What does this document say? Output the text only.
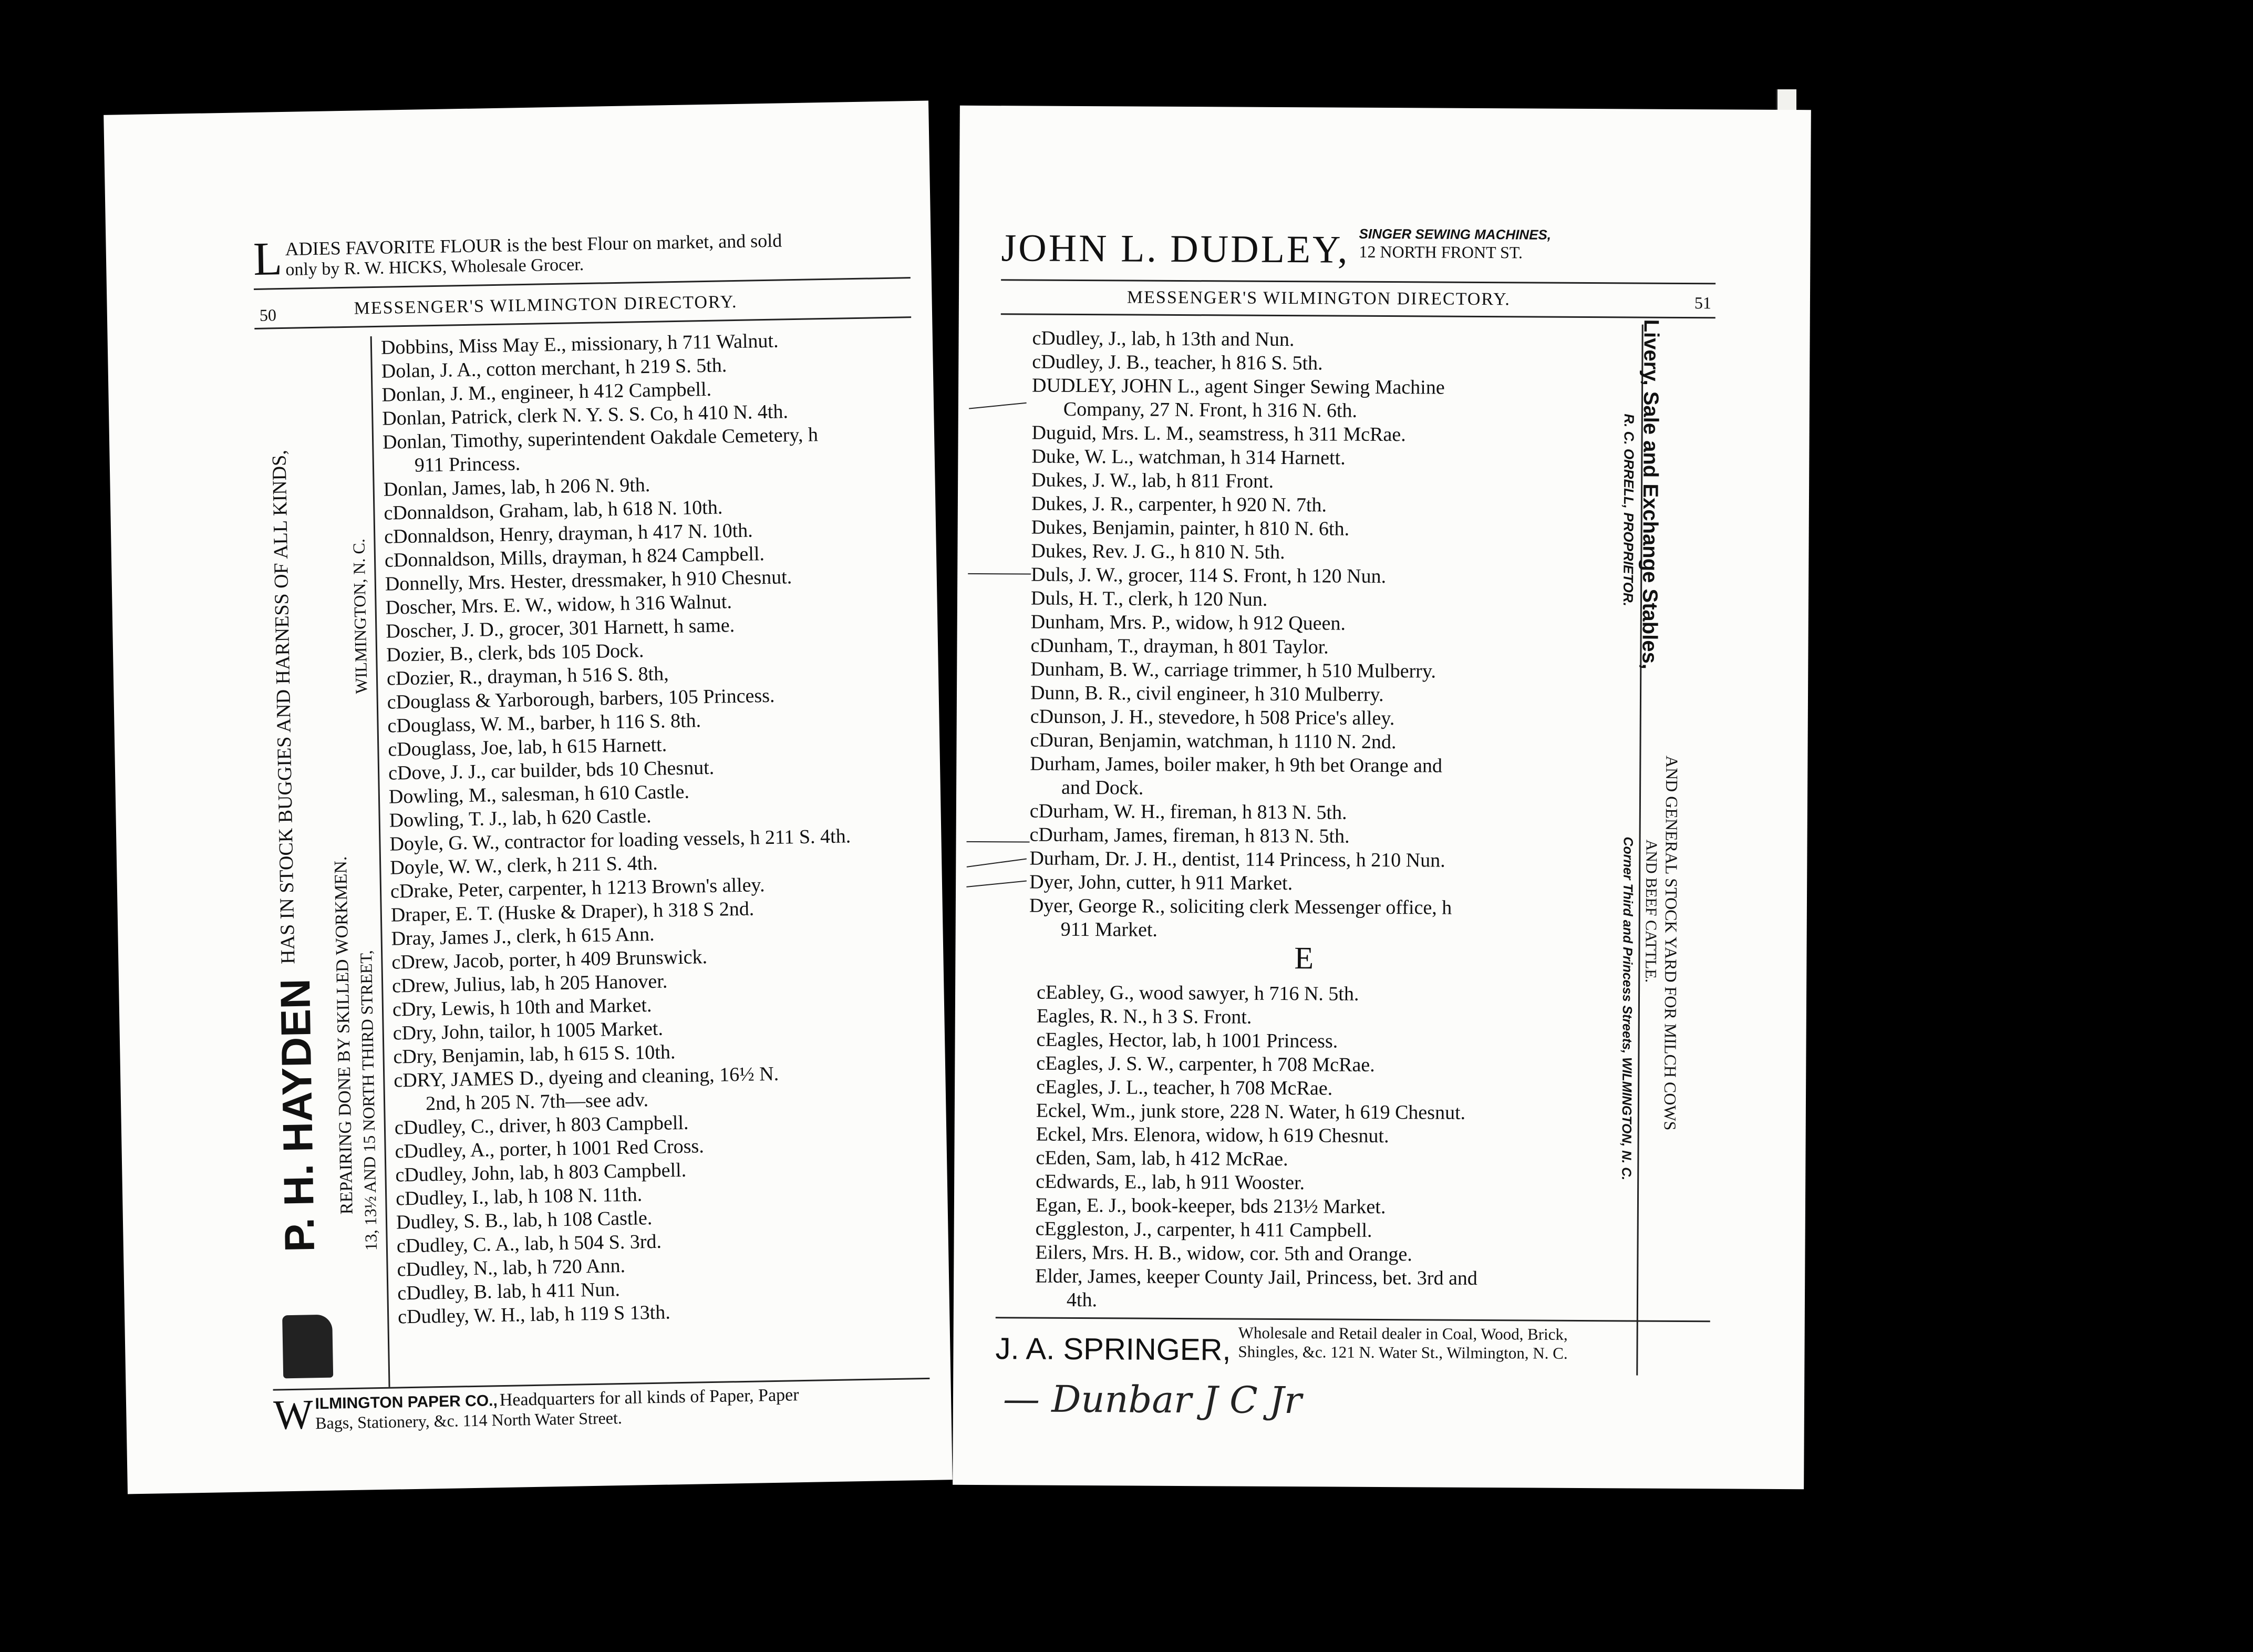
L ADIES FAVORITE FLOUR is the best Flour on market, and sold
only by R. W. HICKS, Wholesale Grocer.
50	MESSENGER'S WILMINGTON DIRECTORY.
P. H. HAYDEN HAS IN STOCK BUGGIES AND HARNESS OF ALL KINDS,
REPAIRING DONE BY SKILLED WORKMEN. 13, 13½ AND 15 NORTH THIRD STREET,
WILMINGTON, N. C.
Dobbins, Miss May E., missionary, h 711 Walnut.
Dolan, J. A., cotton merchant, h 219 S. 5th.
Donlan, J. M., engineer, h 412 Campbell.
Donlan, Patrick, clerk N. Y. S. S. Co, h 410 N. 4th.
Donlan, Timothy, superintendent Oakdale Cemetery, h
911 Princess.
Donlan, James, lab, h 206 N. 9th.
cDonnaldson, Graham, lab, h 618 N. 10th.
cDonnaldson, Henry, drayman, h 417 N. 10th.
cDonnaldson, Mills, drayman, h 824 Campbell.
Donnelly, Mrs. Hester, dressmaker, h 910 Chesnut.
Doscher, Mrs. E. W., widow, h 316 Walnut.
Doscher, J. D., grocer, 301 Harnett, h same.
Dozier, B., clerk, bds 105 Dock.
cDozier, R., drayman, h 516 S. 8th,
cDouglass & Yarborough, barbers, 105 Princess.
cDouglass, W. M., barber, h 116 S. 8th.
cDouglass, Joe, lab, h 615 Harnett.
cDove, J. J., car builder, bds 10 Chesnut.
Dowling, M., salesman, h 610 Castle.
Dowling, T. J., lab, h 620 Castle.
Doyle, G. W., contractor for loading vessels, h 211 S. 4th.
Doyle, W. W., clerk, h 211 S. 4th.
cDrake, Peter, carpenter, h 1213 Brown's alley.
Draper, E. T. (Huske & Draper), h 318 S 2nd.
Dray, James J., clerk, h 615 Ann.
cDrew, Jacob, porter, h 409 Brunswick.
cDrew, Julius, lab, h 205 Hanover.
cDry, Lewis, h 10th and Market.
cDry, John, tailor, h 1005 Market.
cDry, Benjamin, lab, h 615 S. 10th.
cDRY, JAMES D., dyeing and cleaning, 16½ N.
2nd, h 205 N. 7th—see adv.
cDudley, C., driver, h 803 Campbell.
cDudley, A., porter, h 1001 Red Cross.
cDudley, John, lab, h 803 Campbell.
cDudley, I., lab, h 108 N. 11th.
Dudley, S. B., lab, h 108 Castle.
cDudley, C. A., lab, h 504 S. 3rd.
cDudley, N., lab, h 720 Ann.
cDudley, B. lab, h 411 Nun.
cDudley, W. H., lab, h 119 S 13th.
W ILMINGTON PAPER CO., Headquarters for all kinds of Paper, Paper
Bags, Stationery, &c. 114 North Water Street.
JOHN L. DUDLEY, SINGER SEWING MACHINES,
12 NORTH FRONT ST.
MESSENGER'S WILMINGTON DIRECTORY.	51
cDudley, J., lab, h 13th and Nun.
cDudley, J. B., teacher, h 816 S. 5th.
DUDLEY, JOHN L., agent Singer Sewing Machine
Company, 27 N. Front, h 316 N. 6th.
Duguid, Mrs. L. M., seamstress, h 311 McRae.
Duke, W. L., watchman, h 314 Harnett.
Dukes, J. W., lab, h 811 Front.
Dukes, J. R., carpenter, h 920 N. 7th.
Dukes, Benjamin, painter, h 810 N. 6th.
Dukes, Rev. J. G., h 810 N. 5th.
Duls, J. W., grocer, 114 S. Front, h 120 Nun.
Duls, H. T., clerk, h 120 Nun.
Dunham, Mrs. P., widow, h 912 Queen.
cDunham, T., drayman, h 801 Taylor.
Dunham, B. W., carriage trimmer, h 510 Mulberry.
Dunn, B. R., civil engineer, h 310 Mulberry.
cDunson, J. H., stevedore, h 508 Price's alley.
cDuran, Benjamin, watchman, h 1110 N. 2nd.
Durham, James, boiler maker, h 9th bet Orange and
and Dock.
cDurham, W. H., fireman, h 813 N. 5th.
cDurham, James, fireman, h 813 N. 5th.
Durham, Dr. J. H., dentist, 114 Princess, h 210 Nun.
Dyer, John, cutter, h 911 Market.
Dyer, George R., soliciting clerk Messenger office, h
911 Market.
E
cEabley, G., wood sawyer, h 716 N. 5th.
Eagles, R. N., h 3 S. Front.
cEagles, Hector, lab, h 1001 Princess.
cEagles, J. S. W., carpenter, h 708 McRae.
cEagles, J. L., teacher, h 708 McRae.
Eckel, Wm., junk store, 228 N. Water, h 619 Chesnut.
Eckel, Mrs. Elenora, widow, h 619 Chesnut.
cEden, Sam, lab, h 412 McRae.
cEdwards, E., lab, h 911 Wooster.
Egan, E. J., book-keeper, bds 213½ Market.
cEggleston, J., carpenter, h 411 Campbell.
Eilers, Mrs. H. B., widow, cor. 5th and Orange.
Elder, James, keeper County Jail, Princess, bet. 3rd and
4th.
Livery, Sale and Exchange Stables,
R. C. ORRELL, PROPRIETOR.
AND GENERAL STOCK YARD FOR MILCH COWS
AND BEEF CATTLE.
Corner Third and Princess Streets, WILMINGTON, N. C.
J. A. SPRINGER, Wholesale and Retail dealer in Coal, Wood, Brick,
Shingles, &c. 121 N. Water St., Wilmington, N. C.
— Dunbar J C Jr
